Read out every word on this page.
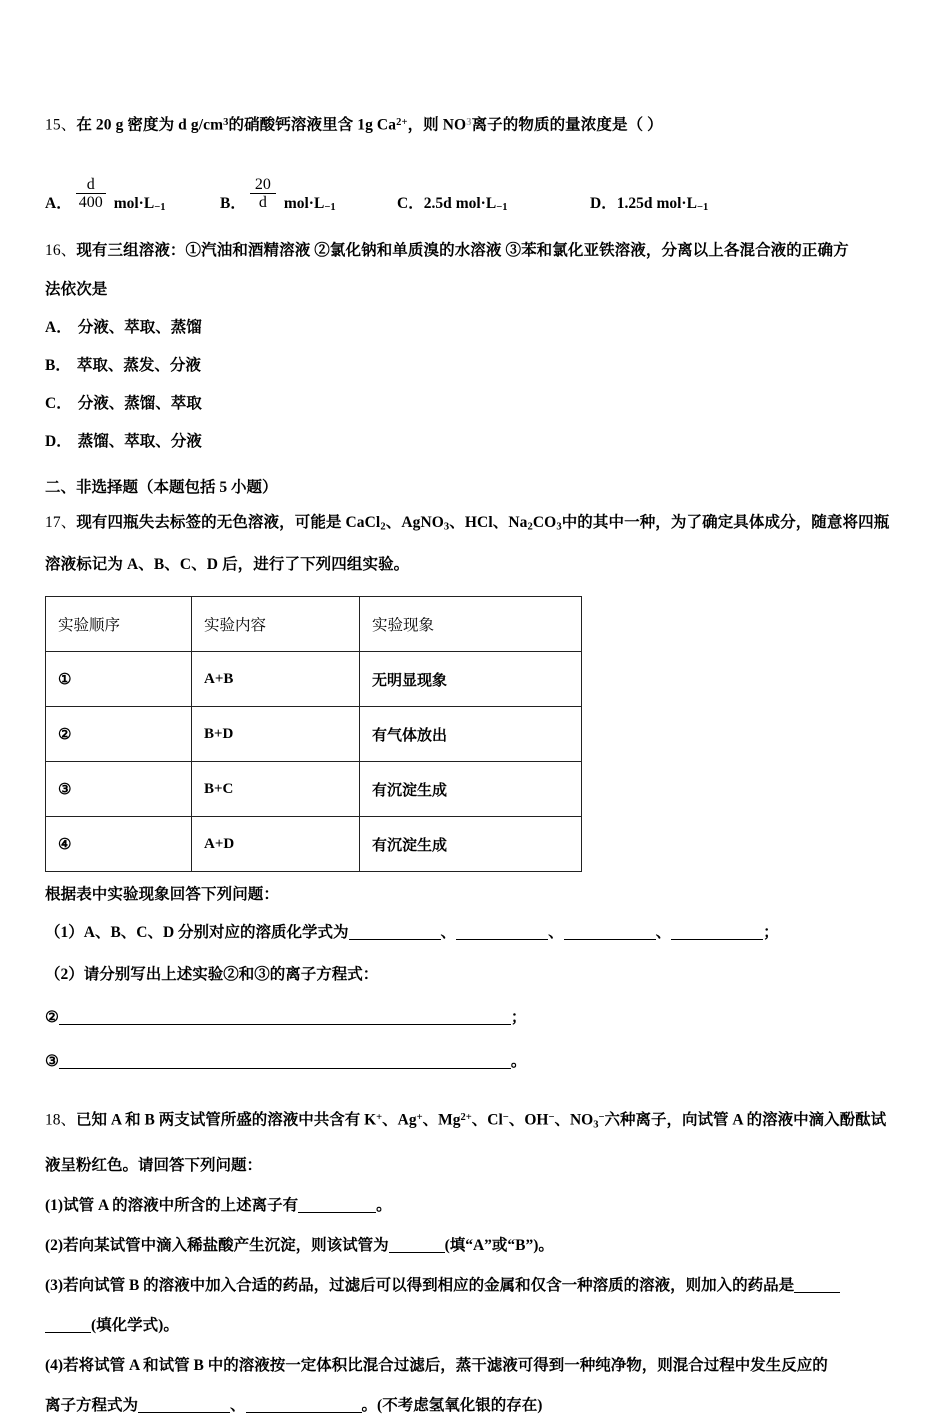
15、在 20 g 密度为 d $g/cm^3$的硝酸钙溶液里含 1g $Ca^{2+}$，则 $NO^3$离子的物质的量浓度是（ ）
A． $\frac{d}{400} mol\cdot L_{-1}$	B． $\frac{20}{d} mol\cdot L_{-1}$	C． 2.5d $mol\cdot L_{-1}$	D． 1.25d $mol\cdot L_{-1}$
16、现有三组溶液：①汽油和酒精溶液 ②氯化钠和单质溴的水溶液 ③苯和氯化亚铁溶液，分离以上各混合液的正确方
法依次是
A． 分液、萃取、蒸馏
B． 萃取、蒸发、分液
C． 分液、蒸馏、萃取
D． 蒸馏、萃取、分液
二、非选择题（本题包括 5 小题）
17、现有四瓶失去标签的无色溶液，可能是 CaCl$_2$、AgNO$_3$、HCl、$Na_2CO_3$中的其中一种，为了确定具体成分，随意将四瓶
溶液标记为 A、B、C、D 后，进行了下列四组实验。
实验顺序	实验内容	实验现象
①	A+B	无明显现象
②	B+D	有气体放出
③	B+C	有沉淀生成
④	A+D	有沉淀生成
根据表中实验现象回答下列问题：
（1）A、B、C、D 分别对应的溶质化学式为	、	、	、	；
（2）请分别写出上述实验②和③的离子方程式：
②	；
③	。
18、已知 A 和 B 两支试管所盛的溶液中共含有 K+、Ag+、$Mg^{2+}$、Cl−、OH−、$NO_3^-$六种离子，向试管 A 的溶液中滴入酚酞试
液呈粉红色。请回答下列问题：
(1)试管 A 的溶液中所含的上述离子有	。
(2)若向某试管中滴入稀盐酸产生沉淀，则该试管为	(填“A”或“B”)。
(3)若向试管 B 的溶液中加入合适的药品，过滤后可以得到相应的金属和仅含一种溶质的溶液，则加入的药品是
(填化学式)。
(4)若将试管 A 和试管 B 中的溶液按一定体积比混合过滤后，蒸干滤液可得到一种纯净物，则混合过程中发生反应的
离子方程式为	、	。(不考虑氢氧化银的存在)
